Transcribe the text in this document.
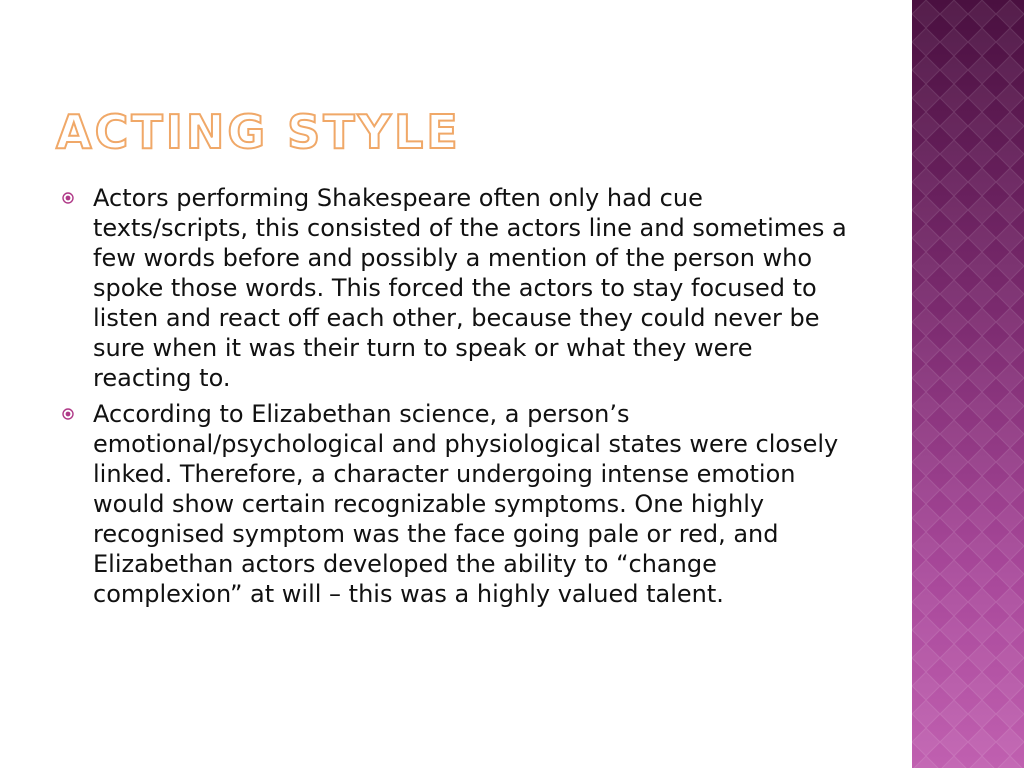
ACTING STYLE
Actors performing Shakespeare often only had cue texts/scripts, this consisted of the actors line and sometimes a few words before and possibly a mention of the person who spoke those words. This forced the actors to stay focused to listen and react off each other, because they could never be sure when it was their turn to speak or what they were reacting to.
According to Elizabethan science, a person’s emotional/psychological and physiological states were closely linked. Therefore, a character undergoing intense emotion would show certain recognizable symptoms. One highly recognised symptom was the face going pale or red, and Elizabethan actors developed the ability to “change complexion” at will – this was a highly valued talent.
